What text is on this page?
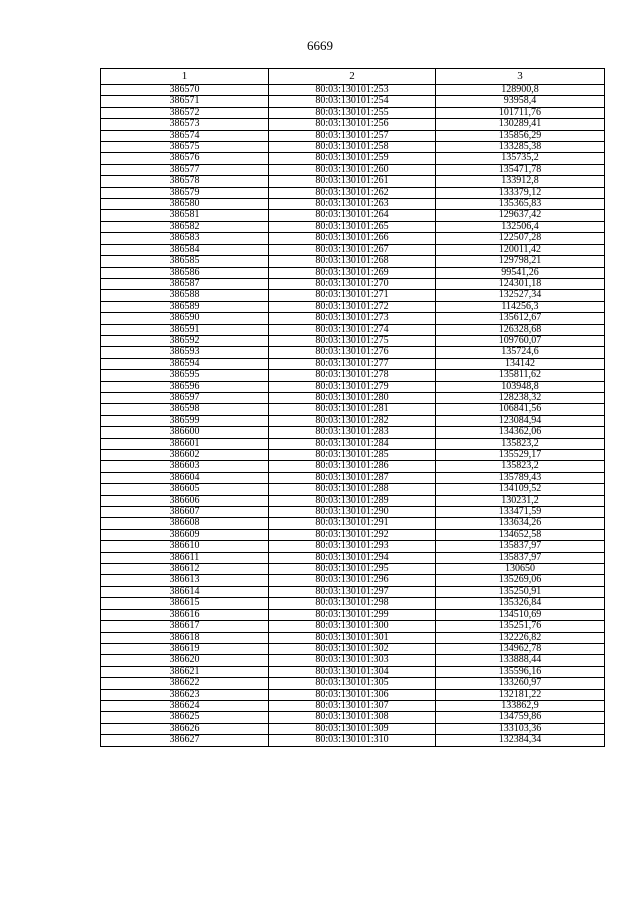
6669
1	2	3
386570	80:03:130101:253	128900,8
386571	80:03:130101:254	93958,4
386572	80:03:130101:255	101711,76
386573	80:03:130101:256	130289,41
386574	80:03:130101:257	135856,29
386575	80:03:130101:258	133285,38
386576	80:03:130101:259	135735,2
386577	80:03:130101:260	135471,78
386578	80:03:130101:261	133912,8
386579	80:03:130101:262	133379,12
386580	80:03:130101:263	135365,83
386581	80:03:130101:264	129637,42
386582	80:03:130101:265	132506,4
386583	80:03:130101:266	122507,28
386584	80:03:130101:267	120011,42
386585	80:03:130101:268	129798,21
386586	80:03:130101:269	99541,26
386587	80:03:130101:270	124301,18
386588	80:03:130101:271	132527,34
386589	80:03:130101:272	114256,3
386590	80:03:130101:273	135612,67
386591	80:03:130101:274	126328,68
386592	80:03:130101:275	109760,07
386593	80:03:130101:276	135724,6
386594	80:03:130101:277	134142
386595	80:03:130101:278	135811,62
386596	80:03:130101:279	103948,8
386597	80:03:130101:280	128238,32
386598	80:03:130101:281	106841,56
386599	80:03:130101:282	123084,94
386600	80:03:130101:283	134362,06
386601	80:03:130101:284	135823,2
386602	80:03:130101:285	135529,17
386603	80:03:130101:286	135823,2
386604	80:03:130101:287	135789,43
386605	80:03:130101:288	134109,52
386606	80:03:130101:289	130231,2
386607	80:03:130101:290	133471,59
386608	80:03:130101:291	133634,26
386609	80:03:130101:292	134652,58
386610	80:03:130101:293	135837,97
386611	80:03:130101:294	135837,97
386612	80:03:130101:295	130650
386613	80:03:130101:296	135269,06
386614	80:03:130101:297	135250,91
386615	80:03:130101:298	135326,84
386616	80:03:130101:299	134510,69
386617	80:03:130101:300	135251,76
386618	80:03:130101:301	132226,82
386619	80:03:130101:302	134962,78
386620	80:03:130101:303	133888,44
386621	80:03:130101:304	135596,16
386622	80:03:130101:305	133260,97
386623	80:03:130101:306	132181,22
386624	80:03:130101:307	133862,9
386625	80:03:130101:308	134759,86
386626	80:03:130101:309	133103,36
386627	80:03:130101:310	132384,34
